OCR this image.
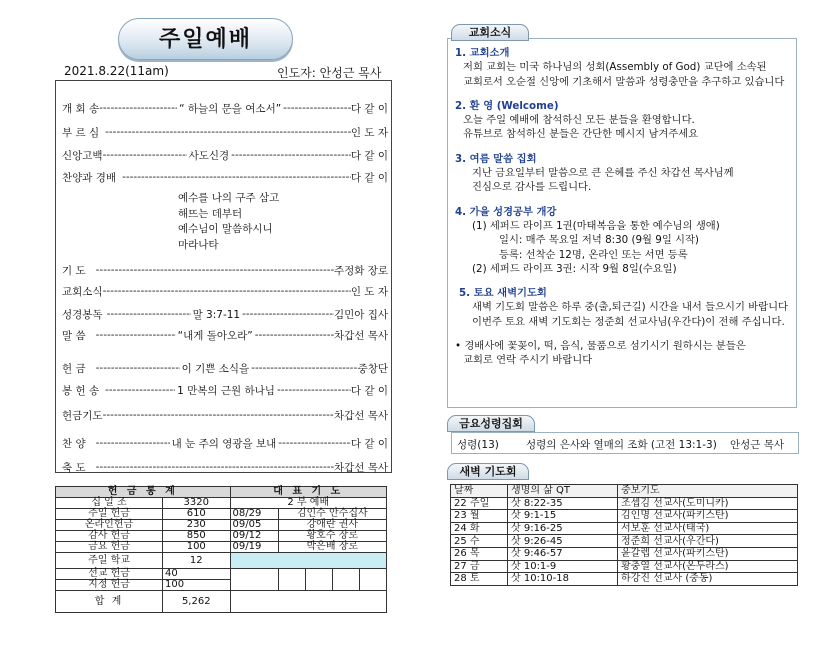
주일예배
2021.8.22(11am)	인도자: 안성근 목사
개 회 송 -----	“ 하늘의 문을 여소서” -----	다 같 이
부 르 심 -----	인 도 자
신앙고백 -----	사도신경 -----	다 같 이
찬양과 경배 -----	다 같 이
기 도 -----	주정화 장로
교회소식 -----	인 도 자
성경봉독 -----	말 3:7-11 -----	김민아 집사
말 씀 -----	“내게 돌아오라” -----	차갑선 목사
헌 금 -----	이 기쁜 소식을 -----	중창단
봉 헌 송 -----	1 만복의 근원 하나님 -----	다 같 이
헌금기도 -----	차갑선 목사
찬 양 -----	내 눈 주의 영광을 보내 -----	다 같 이
축 도 -----	차갑선 목사
예수를 나의 구주 삼고
해뜨는 데부터
예수님이 말씀하시니
마라나타
헌 금 통 계		대 표 기 도				
십 일 조	3320	2 부 예배				
주일 헌금	610	08/29	김인수 안수집사			
온라인헌금	230	09/05	강애란 권사			
감사 헌금	850	09/12	황호수 장로			
금요 헌금	100	09/19	박은배 장로			
주일 학교	12					
선교 헌금	40					
지정 헌금	100					
합 계	5,262					
교회소식
1. 교회소개
저희 교회는 미국 하나님의 성회(Assembly of God) 교단에 소속된
교회로서 오순절 신앙에 기초해서 말씀과 성령충만을 추구하고 있습니다
2. 환 영 (Welcome)
오늘 주일 예배에 참석하신 모든 분들을 환영합니다.
유튜브로 참석하신 분들은 간단한 메시지 남겨주세요
3. 여름 말씀 집회
지난 금요일부터 말씀으로 큰 은혜를 주신 차갑선 목사님께
진심으로 감사를 드립니다.
4. 가을 성경공부 개강
(1) 세퍼드 라이프 1권(마태복음을 통한 예수님의 생애)
일시: 매주 목요일 저녁 8:30 (9월 9일 시작)
등록: 선착순 12명, 온라인 또는 서면 등록
(2) 세퍼드 라이프 3권: 시작 9월 8일(수요일)
5. 토요 새벽기도회
새벽 기도회 말씀은 하루 중(출,퇴근길) 시간을 내서 들으시기 바랍니다
이번주 토요 새벽 기도회는 정준희 선교사님(우간다)이 전해 주십니다.
• 경배사에 꽃꽂이, 떡, 음식, 물품으로 섬기시기 원하시는 분들은
교회로 연락 주시기 바랍니다
금요성령집회
성령(13)	성령의 은사와 열매의 조화 (고전 13:1-3) 안성근 목사
새벽 기도회
날짜	생명의 삶 QT	중보기도
22 주일	삿 8:22-35	조셉김 선교사(도미니카)
23 월	삿 9:1-15	김인명 선교사(파키스탄)
24 화	삿 9:16-25	서보훈 선교사(태국)
25 수	삿 9:26-45	정준희 선교사(우간다)
26 목	삿 9:46-57	윤갈렙 선교사(파키스탄)
27 금	삿 10:1-9	황충열 선교사(온두라스)
28 토	삿 10:10-18	하강진 선교사 (중동)
